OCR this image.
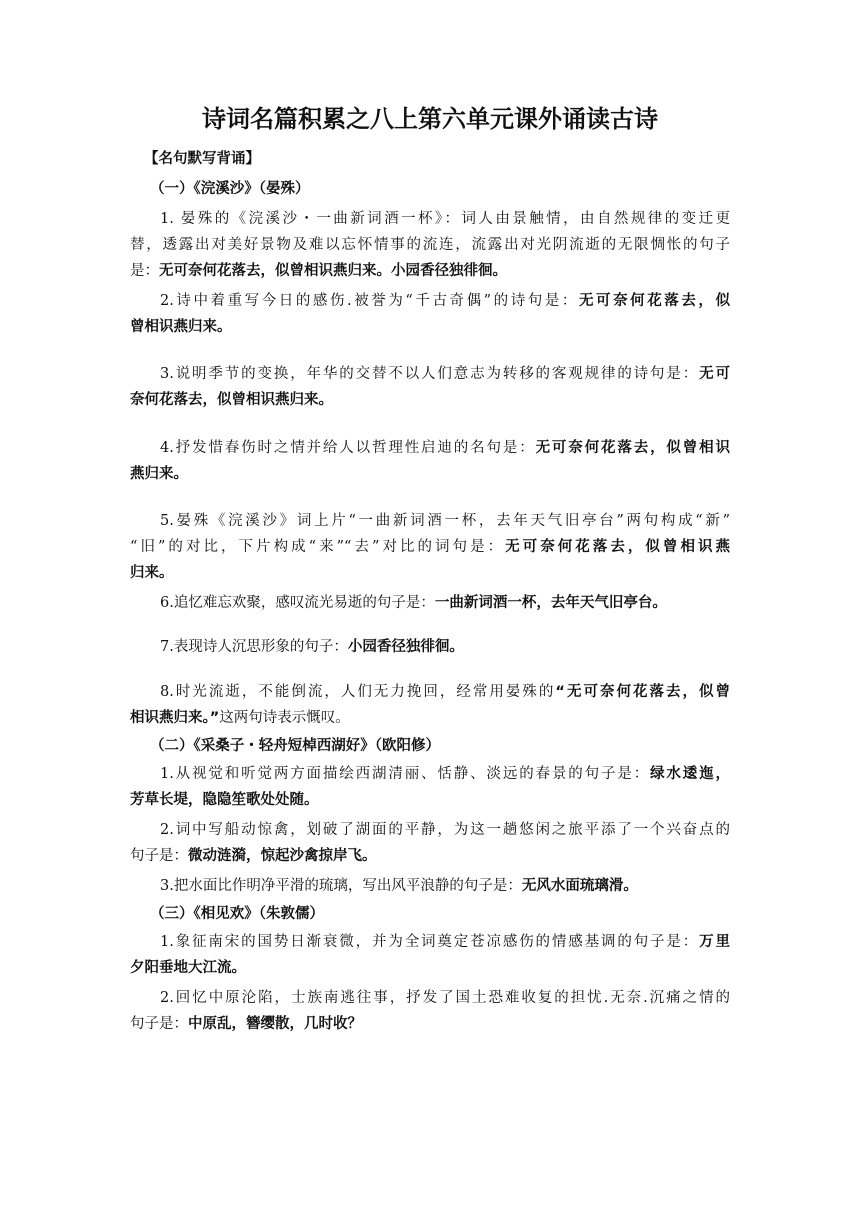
诗词名篇积累之八上第六单元课外诵读古诗
【名句默写背诵】
（一）《浣溪沙》（晏殊）
1. 晏殊的《浣溪沙・一曲新词酒一杯》：词人由景触情，由自然规律的变迁更
替，透露出对美好景物及难以忘怀情事的流连，流露出对光阴流逝的无限惆怅的句子
是：无可奈何花落去，似曾相识燕归来。小园香径独徘徊。
2.诗中着重写今日的感伤.被誉为“千古奇偶”的诗句是：无可奈何花落去，似
曾相识燕归来。
3.说明季节的变换，年华的交替不以人们意志为转移的客观规律的诗句是：无可
奈何花落去，似曾相识燕归来。
4.抒发惜春伤时之情并给人以哲理性启迪的名句是：无可奈何花落去，似曾相识
燕归来。
5.晏殊《浣溪沙》词上片“一曲新词酒一杯，去年天气旧亭台”两句构成“新”
“旧”的对比，下片构成“来”“去”对比的词句是：无可奈何花落去，似曾相识燕
归来。
6.追忆难忘欢聚，感叹流光易逝的句子是：一曲新词酒一杯，去年天气旧亭台。
7.表现诗人沉思形象的句子：小园香径独徘徊。
8.时光流逝，不能倒流，人们无力挽回，经常用晏殊的“无可奈何花落去，似曾
相识燕归来。”这两句诗表示慨叹。
（二）《采桑子・轻舟短棹西湖好》（欧阳修）
1.从视觉和听觉两方面描绘西湖清丽、恬静、淡远的春景的句子是：绿水逶迤，
芳草长堤，隐隐笙歌处处随。
2.词中写船动惊禽，划破了湖面的平静，为这一趟悠闲之旅平添了一个兴奋点的
句子是：微动涟漪，惊起沙禽掠岸飞。
3.把水面比作明净平滑的琉璃，写出风平浪静的句子是：无风水面琉璃滑。
（三）《相见欢》（朱敦儒）
1.象征南宋的国势日渐衰微，并为全词奠定苍凉感伤的情感基调的句子是：万里
夕阳垂地大江流。
2.回忆中原沦陷，士族南逃往事，抒发了国土恐难收复的担忧.无奈.沉痛之情的
句子是：中原乱，簪缨散，几时收？
